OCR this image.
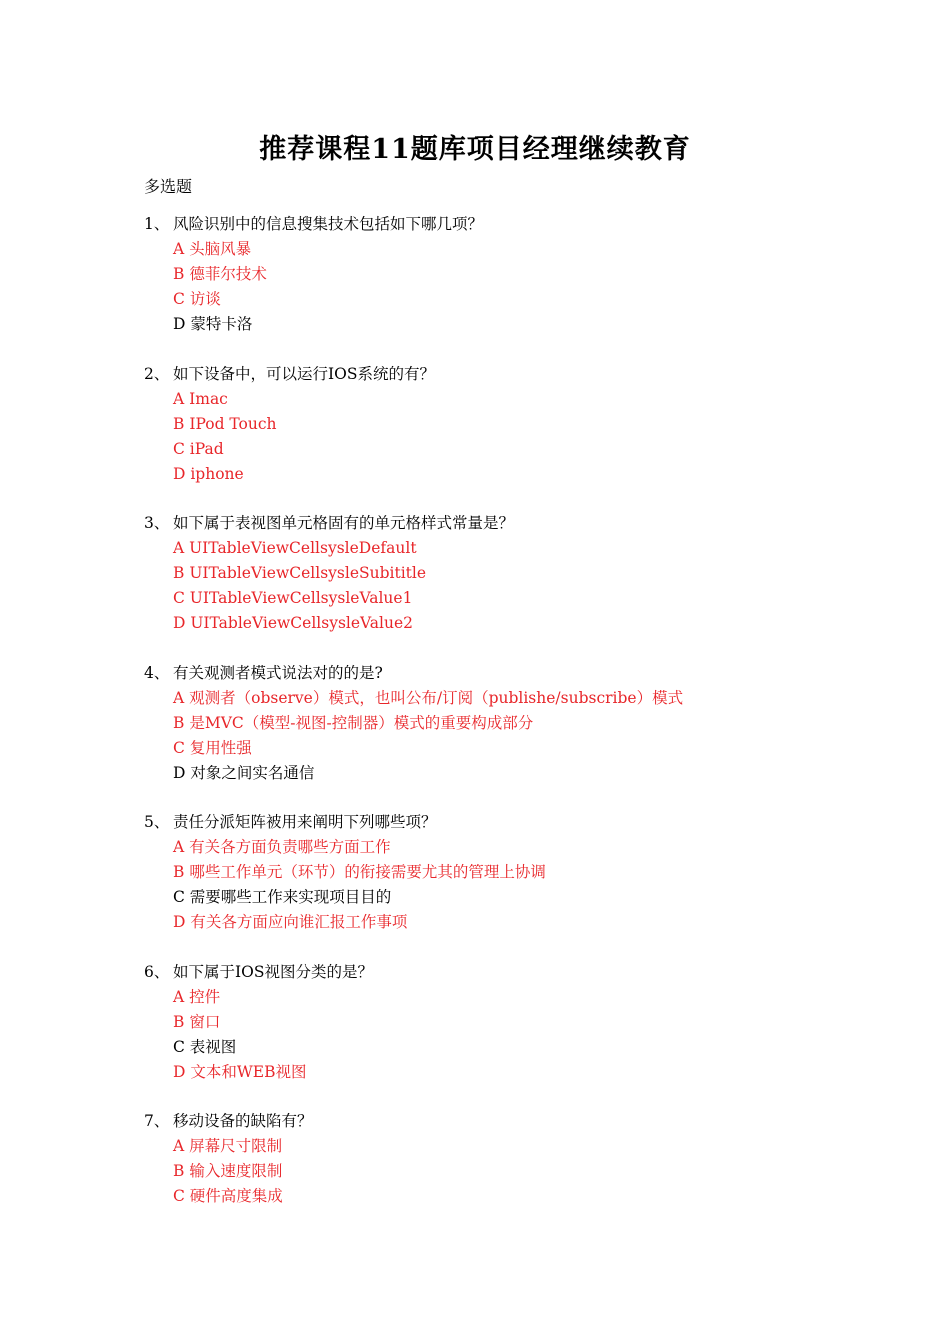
推荐课程11题库项目经理继续教育
多选题
1、 风险识别中的信息搜集技术包括如下哪几项？
A 头脑风暴
B 德菲尔技术
C 访谈
D 蒙特卡洛
2、 如下设备中，可以运行IOS系统的有？
A Imac
B IPod Touch
C iPad
D iphone
3、 如下属于表视图单元格固有的单元格样式常量是？
A UITableViewCellsysleDefault
B UITableViewCellsysleSubititle
C UITableViewCellsysleValue1
D UITableViewCellsysleValue2
4、 有关观测者模式说法对的的是?
A 观测者（observe）模式，也叫公布/订阅（publishe/subscribe）模式
B 是MVC（模型-视图-控制器）模式的重要构成部分
C 复用性强
D 对象之间实名通信
5、 责任分派矩阵被用来阐明下列哪些项？
A 有关各方面负责哪些方面工作
B 哪些工作单元（环节）的衔接需要尤其的管理上协调
C 需要哪些工作来实现项目目的
D 有关各方面应向谁汇报工作事项
6、 如下属于IOS视图分类的是？
A 控件
B 窗口
C 表视图
D 文本和WEB视图
7、 移动设备的缺陷有？
A 屏幕尺寸限制
B 输入速度限制
C 硬件高度集成
